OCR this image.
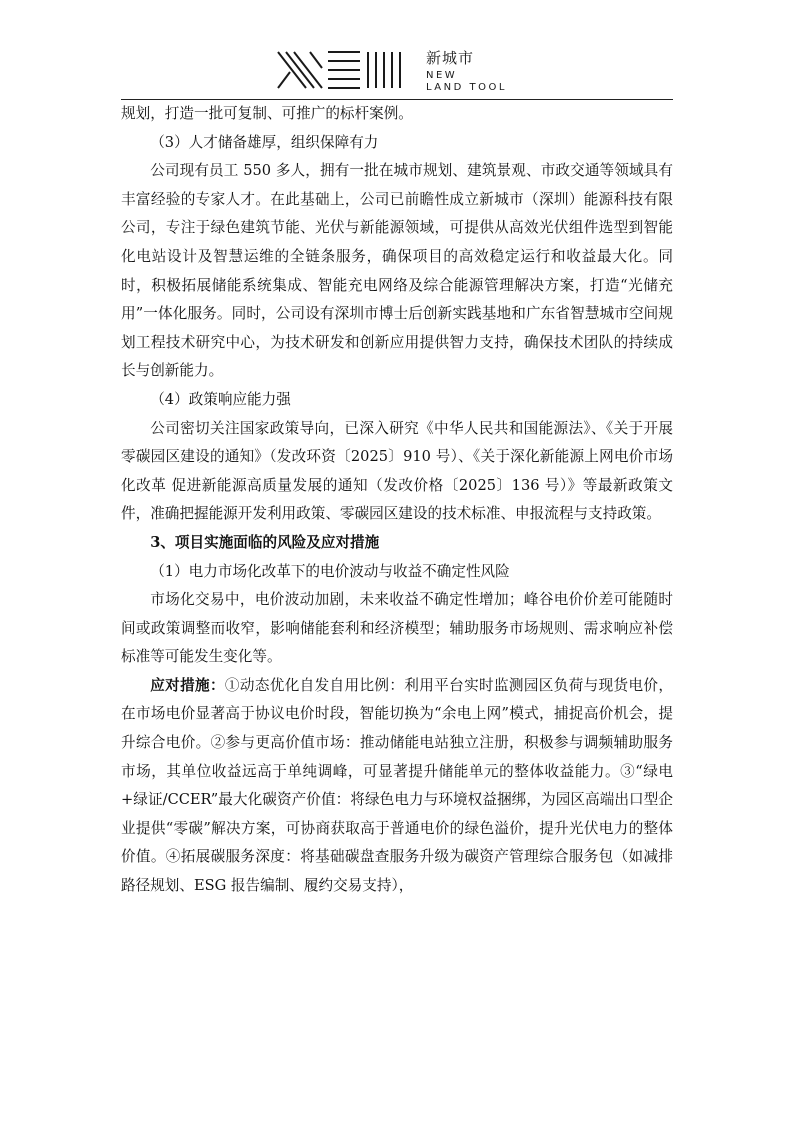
新城市
NEW
LAND TOOL

规划，打造一批可复制、可推广的标杆案例。

（3）人才储备雄厚，组织保障有力

公司现有员工 550 多人，拥有一批在城市规划、建筑景观、市政交通等领域具有丰富经验的专家人才。在此基础上，公司已前瞻性成立新城市（深圳）能源科技有限公司，专注于绿色建筑节能、光伏与新能源领域，可提供从高效光伏组件选型到智能化电站设计及智慧运维的全链条服务，确保项目的高效稳定运行和收益最大化。同时，积极拓展储能系统集成、智能充电网络及综合能源管理解决方案，打造“光储充用”一体化服务。同时，公司设有深圳市博士后创新实践基地和广东省智慧城市空间规划工程技术研究中心，为技术研发和创新应用提供智力支持，确保技术团队的持续成长与创新能力。

（4）政策响应能力强

公司密切关注国家政策导向，已深入研究《中华人民共和国能源法》、《关于开展零碳园区建设的通知》（发改环资〔2025〕910 号）、《关于深化新能源上网电价市场化改革 促进新能源高质量发展的通知（发改价格〔2025〕136 号）》等最新政策文件，准确把握能源开发利用政策、零碳园区建设的技术标准、申报流程与支持政策。

3、项目实施面临的风险及应对措施

（1）电力市场化改革下的电价波动与收益不确定性风险

市场化交易中，电价波动加剧，未来收益不确定性增加；峰谷电价价差可能随时间或政策调整而收窄，影响储能套利和经济模型；辅助服务市场规则、需求响应补偿标准等可能发生变化等。

应对措施：①动态优化自发自用比例：利用平台实时监测园区负荷与现货电价，在市场电价显著高于协议电价时段，智能切换为“余电上网”模式，捕捉高价机会，提升综合电价。②参与更高价值市场：推动储能电站独立注册，积极参与调频辅助服务市场，其单位收益远高于单纯调峰，可显著提升储能单元的整体收益能力。③“绿电+绿证/CCER”最大化碳资产价值：将绿色电力与环境权益捆绑，为园区高端出口型企业提供“零碳”解决方案，可协商获取高于普通电价的绿色溢价，提升光伏电力的整体价值。④拓展碳服务深度：将基础碳盘查服务升级为碳资产管理综合服务包（如减排路径规划、ESG 报告编制、履约交易支持），
